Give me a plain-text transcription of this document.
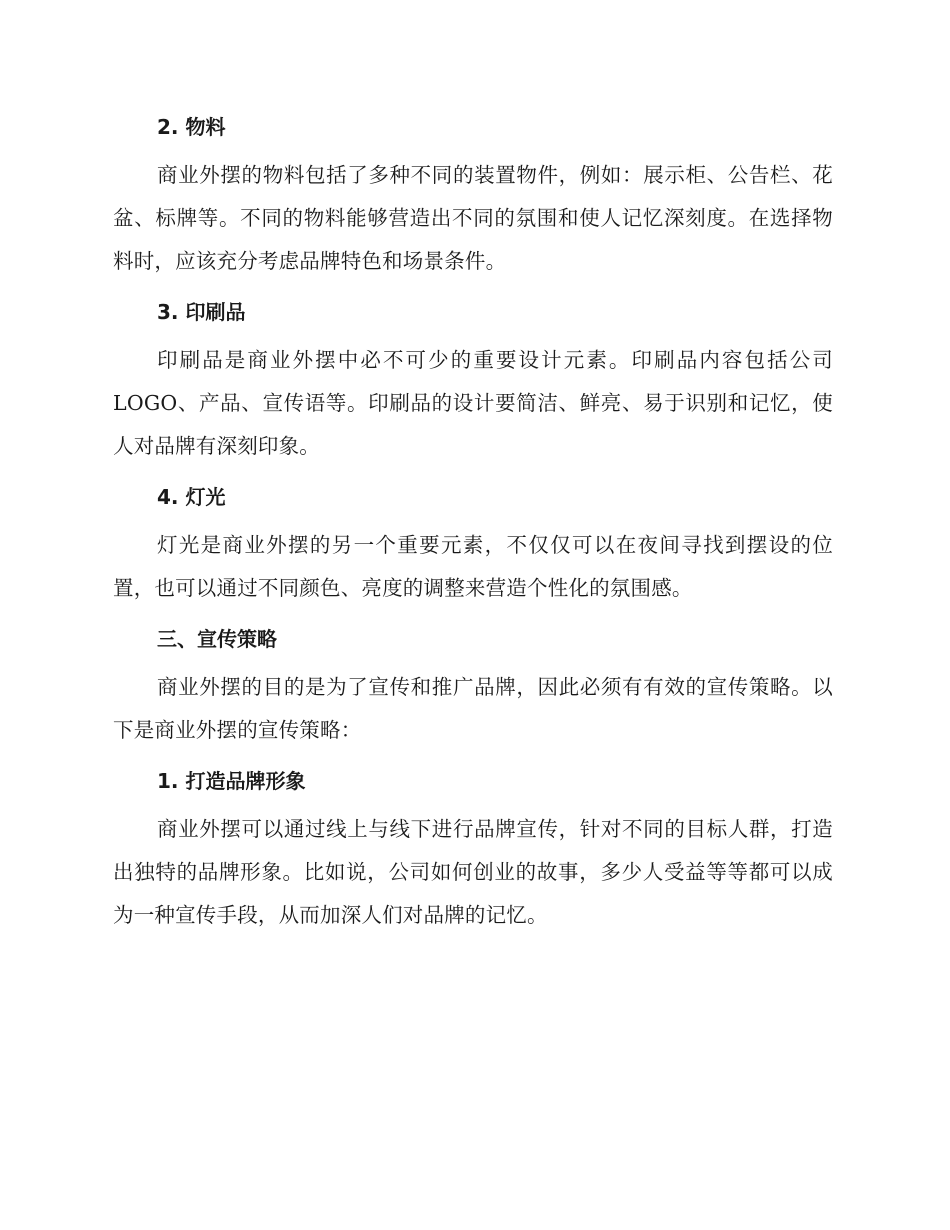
2. 物料
商业外摆的物料包括了多种不同的装置物件，例如：展示柜、公告栏、花盆、标牌等。不同的物料能够营造出不同的氛围和使人记忆深刻度。在选择物料时，应该充分考虑品牌特色和场景条件。
3. 印刷品
印刷品是商业外摆中必不可少的重要设计元素。印刷品内容包括公司LOGO、产品、宣传语等。印刷品的设计要简洁、鲜亮、易于识别和记忆，使人对品牌有深刻印象。
4. 灯光
灯光是商业外摆的另一个重要元素，不仅仅可以在夜间寻找到摆设的位置，也可以通过不同颜色、亮度的调整来营造个性化的氛围感。
三、宣传策略
商业外摆的目的是为了宣传和推广品牌，因此必须有有效的宣传策略。以下是商业外摆的宣传策略：
1. 打造品牌形象
商业外摆可以通过线上与线下进行品牌宣传，针对不同的目标人群，打造出独特的品牌形象。比如说，公司如何创业的故事，多少人受益等等都可以成为一种宣传手段，从而加深人们对品牌的记忆。
